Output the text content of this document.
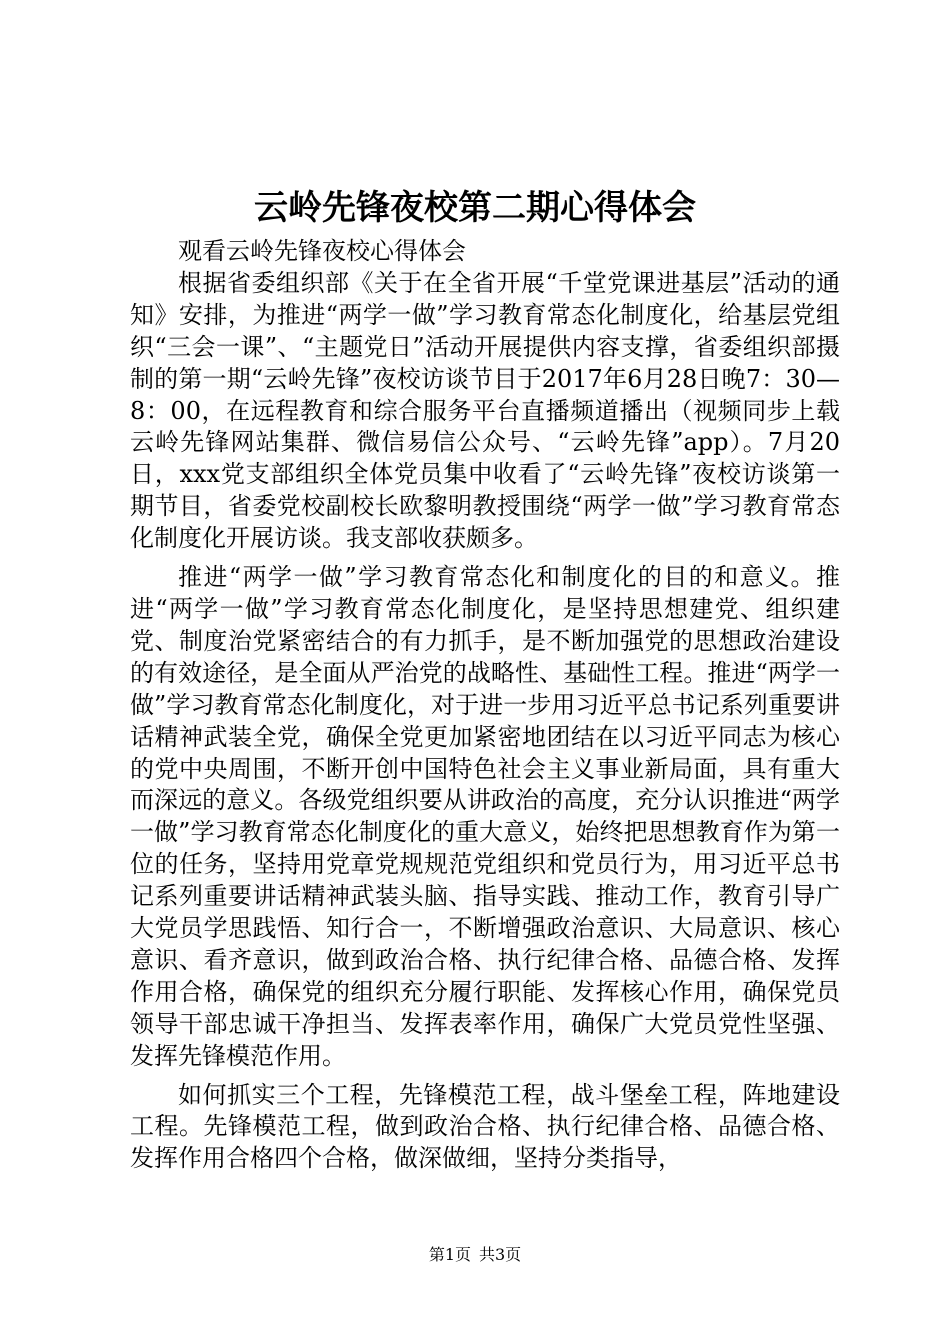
云岭先锋夜校第二期心得体会

观看云岭先锋夜校心得体会

根据省委组织部《关于在全省开展“千堂党课进基层”活动的通知》安排，为推进“两学一做”学习教育常态化制度化，给基层党组织“三会一课”、“主题党日”活动开展提供内容支撑，省委组织部摄制的第一期“云岭先锋”夜校访谈节目于2017年6月28日晚7：30—8：00，在远程教育和综合服务平台直播频道播出（视频同步上载云岭先锋网站集群、微信易信公众号、“云岭先锋”app）。7月20日，xxx党支部组织全体党员集中收看了“云岭先锋”夜校访谈第一期节目，省委党校副校长欧黎明教授围绕“两学一做”学习教育常态化制度化开展访谈。我支部收获颇多。

推进“两学一做”学习教育常态化和制度化的目的和意义。推进“两学一做”学习教育常态化制度化，是坚持思想建党、组织建党、制度治党紧密结合的有力抓手，是不断加强党的思想政治建设的有效途径，是全面从严治党的战略性、基础性工程。推进“两学一做”学习教育常态化制度化，对于进一步用习近平总书记系列重要讲话精神武装全党，确保全党更加紧密地团结在以习近平同志为核心的党中央周围，不断开创中国特色社会主义事业新局面，具有重大而深远的意义。各级党组织要从讲政治的高度，充分认识推进“两学一做”学习教育常态化制度化的重大意义，始终把思想教育作为第一位的任务，坚持用党章党规规范党组织和党员行为，用习近平总书记系列重要讲话精神武装头脑、指导实践、推动工作，教育引导广大党员学思践悟、知行合一，不断增强政治意识、大局意识、核心意识、看齐意识，做到政治合格、执行纪律合格、品德合格、发挥作用合格，确保党的组织充分履行职能、发挥核心作用，确保党员领导干部忠诚干净担当、发挥表率作用，确保广大党员党性坚强、发挥先锋模范作用。

如何抓实三个工程，先锋模范工程，战斗堡垒工程，阵地建设工程。先锋模范工程，做到政治合格、执行纪律合格、品德合格、发挥作用合格四个合格，做深做细，坚持分类指导，

第1页 共3页
